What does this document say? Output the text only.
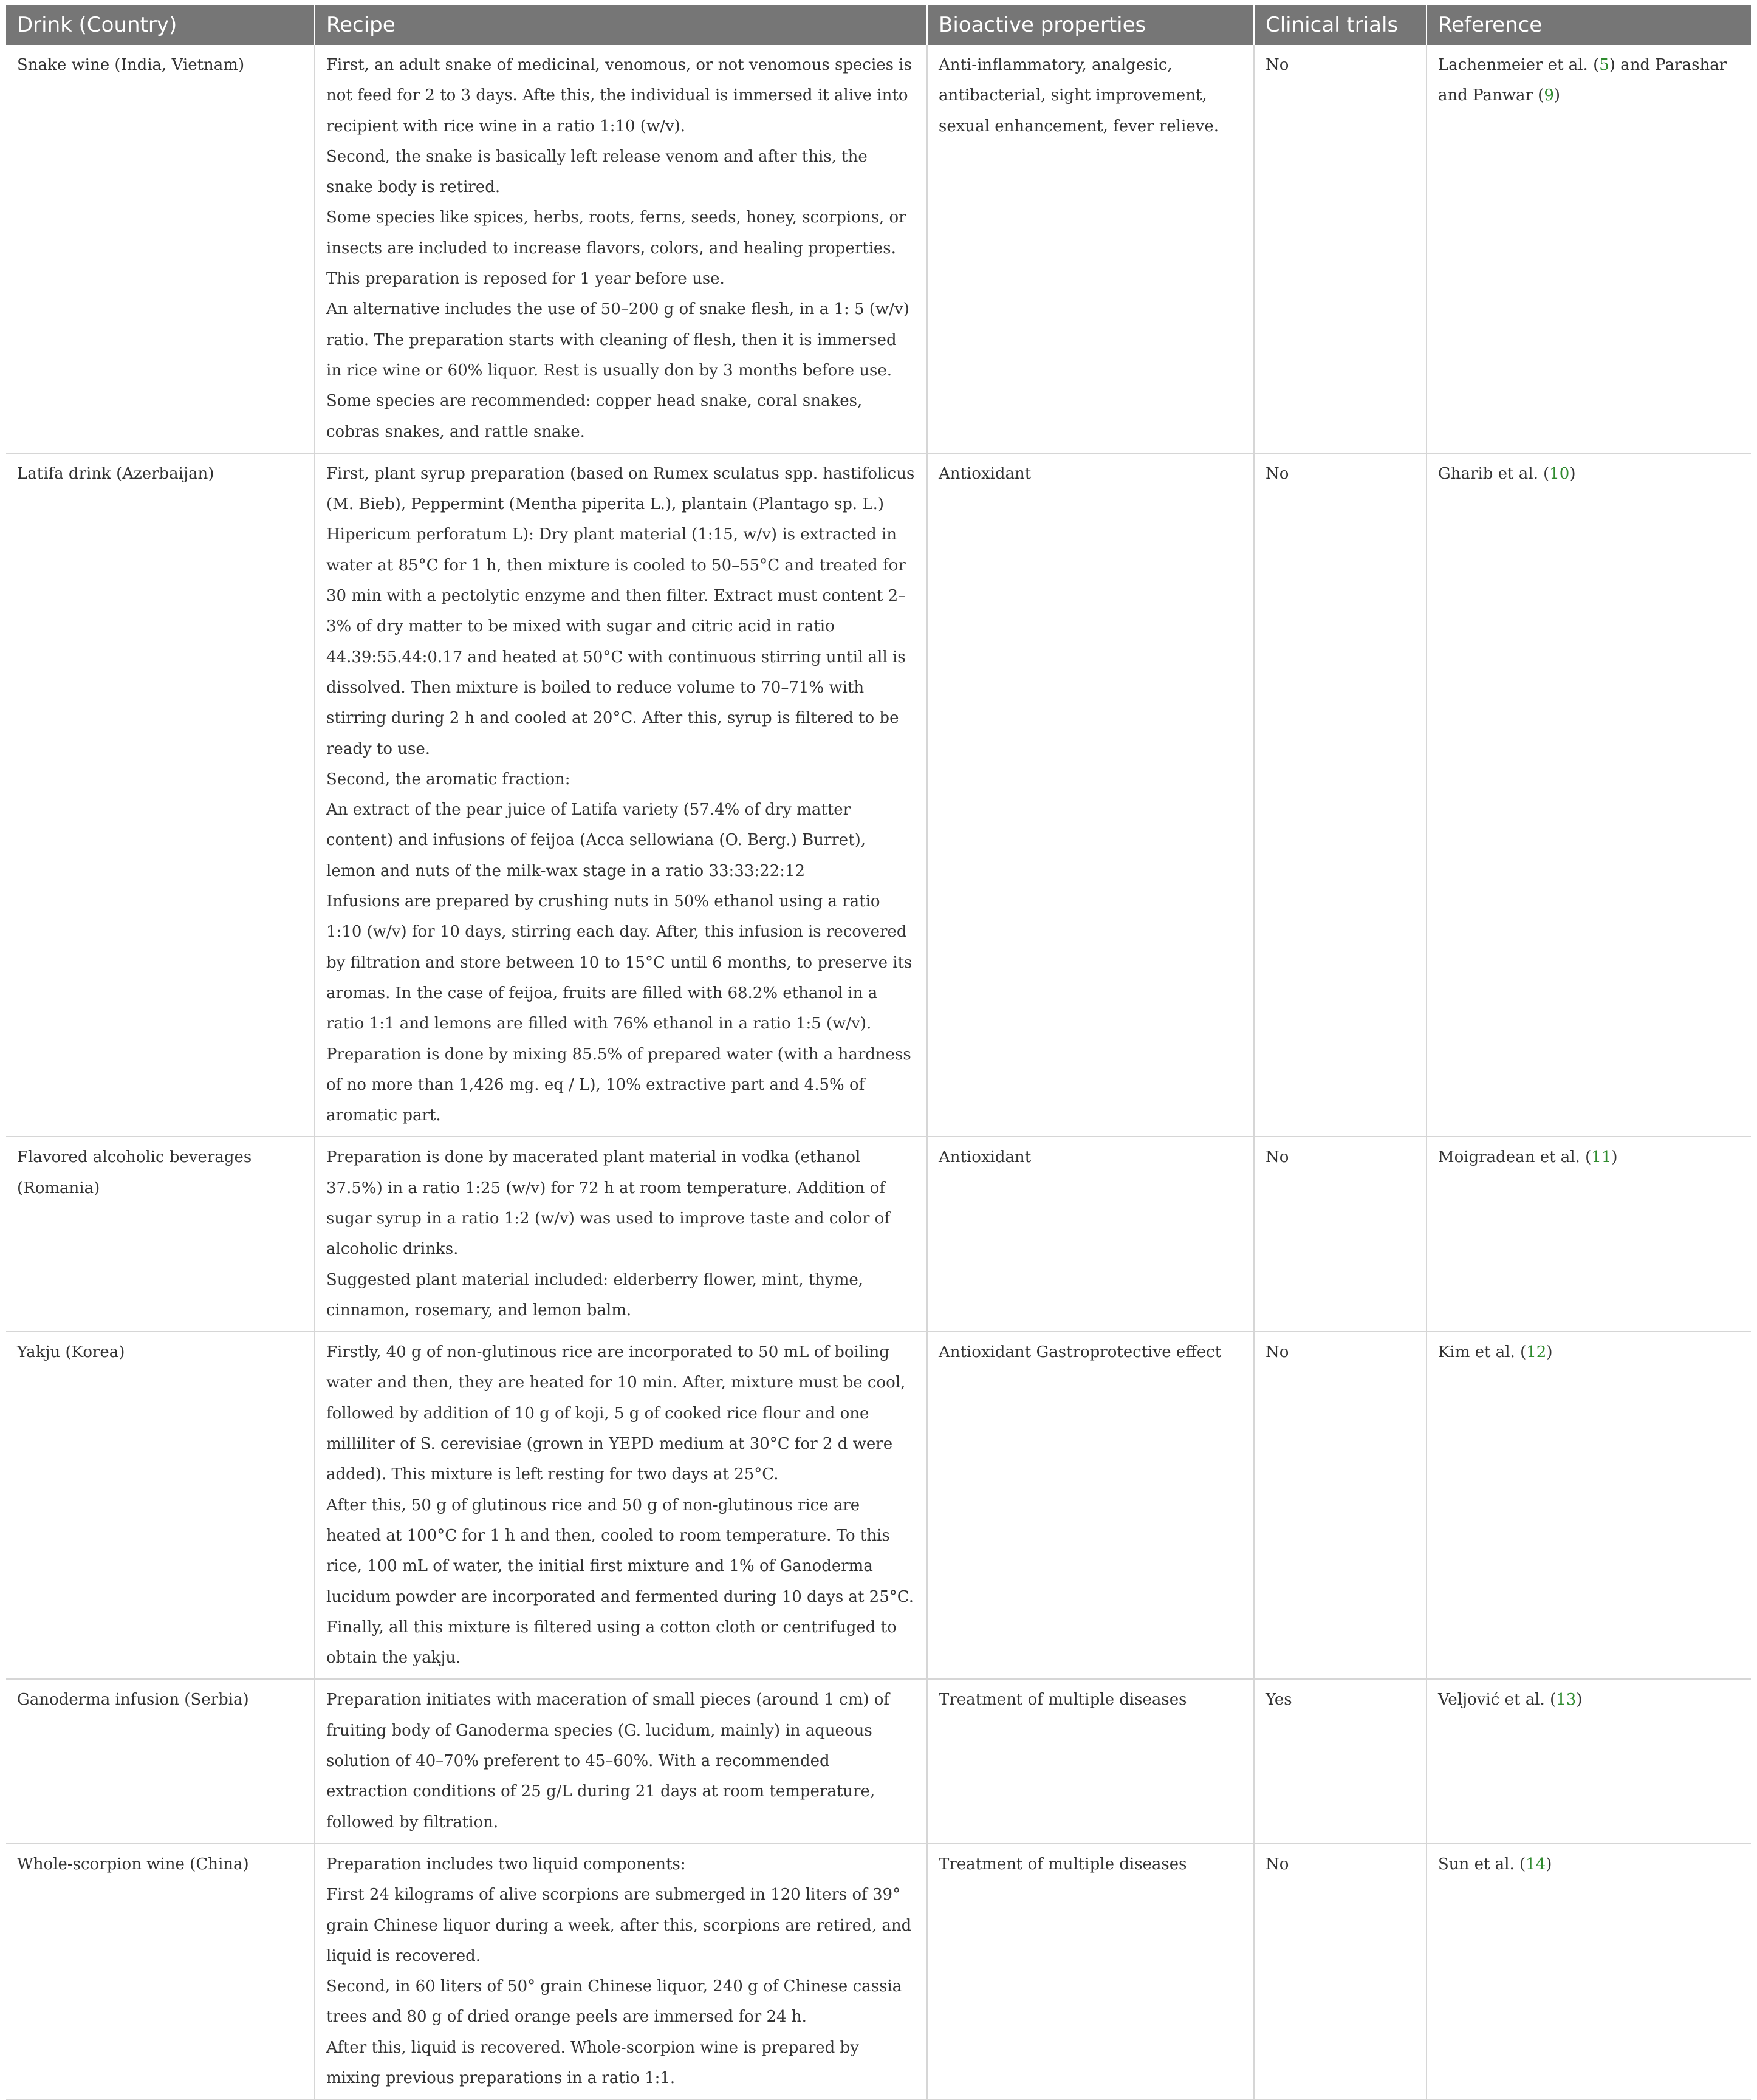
Drink (Country)	Recipe	Bioactive properties	Clinical trials	Reference
Snake wine (India, Vietnam)	First, an adult snake of medicinal, venomous, or not venomous species is not feed for 2 to 3 days. Afte this, the individual is immersed it alive into recipient with rice wine in a ratio 1:10 (w/v).
Second, the snake is basically left release venom and after this, the snake body is retired.
Some species like spices, herbs, roots, ferns, seeds, honey, scorpions, or insects are included to increase flavors, colors, and healing properties. This preparation is reposed for 1 year before use.
An alternative includes the use of 50–200 g of snake flesh, in a 1: 5 (w/v) ratio. The preparation starts with cleaning of flesh, then it is immersed in rice wine or 60% liquor. Rest is usually don by 3 months before use.
Some species are recommended: copper head snake, coral snakes, cobras snakes, and rattle snake.	Anti-inflammatory, analgesic, antibacterial, sight improvement, sexual enhancement, fever relieve.	No	Lachenmeier et al. (5) and Parashar and Panwar (9)
Latifa drink (Azerbaijan)	First, plant syrup preparation (based on Rumex sculatus spp. hastifolicus (M. Bieb), Peppermint (Mentha piperita L.), plantain (Plantago sp. L.) Hipericum perforatum L): Dry plant material (1:15, w/v) is extracted in water at 85°C for 1 h, then mixture is cooled to 50–55°C and treated for 30 min with a pectolytic enzyme and then filter. Extract must content 2–3% of dry matter to be mixed with sugar and citric acid in ratio 44.39:55.44:0.17 and heated at 50°C with continuous stirring until all is dissolved. Then mixture is boiled to reduce volume to 70–71% with stirring during 2 h and cooled at 20°C. After this, syrup is filtered to be ready to use.
Second, the aromatic fraction:
An extract of the pear juice of Latifa variety (57.4% of dry matter content) and infusions of feijoa (Acca sellowiana (O. Berg.) Burret), lemon and nuts of the milk-wax stage in a ratio 33:33:22:12
Infusions are prepared by crushing nuts in 50% ethanol using a ratio 1:10 (w/v) for 10 days, stirring each day. After, this infusion is recovered by filtration and store between 10 to 15°C until 6 months, to preserve its aromas. In the case of feijoa, fruits are filled with 68.2% ethanol in a ratio 1:1 and lemons are filled with 76% ethanol in a ratio 1:5 (w/v).
Preparation is done by mixing 85.5% of prepared water (with a hardness of no more than 1,426 mg. eq / L), 10% extractive part and 4.5% of aromatic part.	Antioxidant	No	Gharib et al. (10)
Flavored alcoholic beverages (Romania)	Preparation is done by macerated plant material in vodka (ethanol 37.5%) in a ratio 1:25 (w/v) for 72 h at room temperature. Addition of sugar syrup in a ratio 1:2 (w/v) was used to improve taste and color of alcoholic drinks.
Suggested plant material included: elderberry flower, mint, thyme, cinnamon, rosemary, and lemon balm.	Antioxidant	No	Moigradean et al. (11)
Yakju (Korea)	Firstly, 40 g of non-glutinous rice are incorporated to 50 mL of boiling water and then, they are heated for 10 min. After, mixture must be cool, followed by addition of 10 g of koji, 5 g of cooked rice flour and one milliliter of S. cerevisiae (grown in YEPD medium at 30°C for 2 d were added). This mixture is left resting for two days at 25°C.
After this, 50 g of glutinous rice and 50 g of non-glutinous rice are heated at 100°C for 1 h and then, cooled to room temperature. To this rice, 100 mL of water, the initial first mixture and 1% of Ganoderma lucidum powder are incorporated and fermented during 10 days at 25°C. Finally, all this mixture is filtered using a cotton cloth or centrifuged to obtain the yakju.	Antioxidant Gastroprotective effect	No	Kim et al. (12)
Ganoderma infusion (Serbia)	Preparation initiates with maceration of small pieces (around 1 cm) of fruiting body of Ganoderma species (G. lucidum, mainly) in aqueous solution of 40–70% preferent to 45–60%. With a recommended extraction conditions of 25 g/L during 21 days at room temperature, followed by filtration.	Treatment of multiple diseases	Yes	Veljović et al. (13)
Whole-scorpion wine (China)	Preparation includes two liquid components:
First 24 kilograms of alive scorpions are submerged in 120 liters of 39° grain Chinese liquor during a week, after this, scorpions are retired, and liquid is recovered.
Second, in 60 liters of 50° grain Chinese liquor, 240 g of Chinese cassia trees and 80 g of dried orange peels are immersed for 24 h.
After this, liquid is recovered. Whole-scorpion wine is prepared by mixing previous preparations in a ratio 1:1.	Treatment of multiple diseases	No	Sun et al. (14)
